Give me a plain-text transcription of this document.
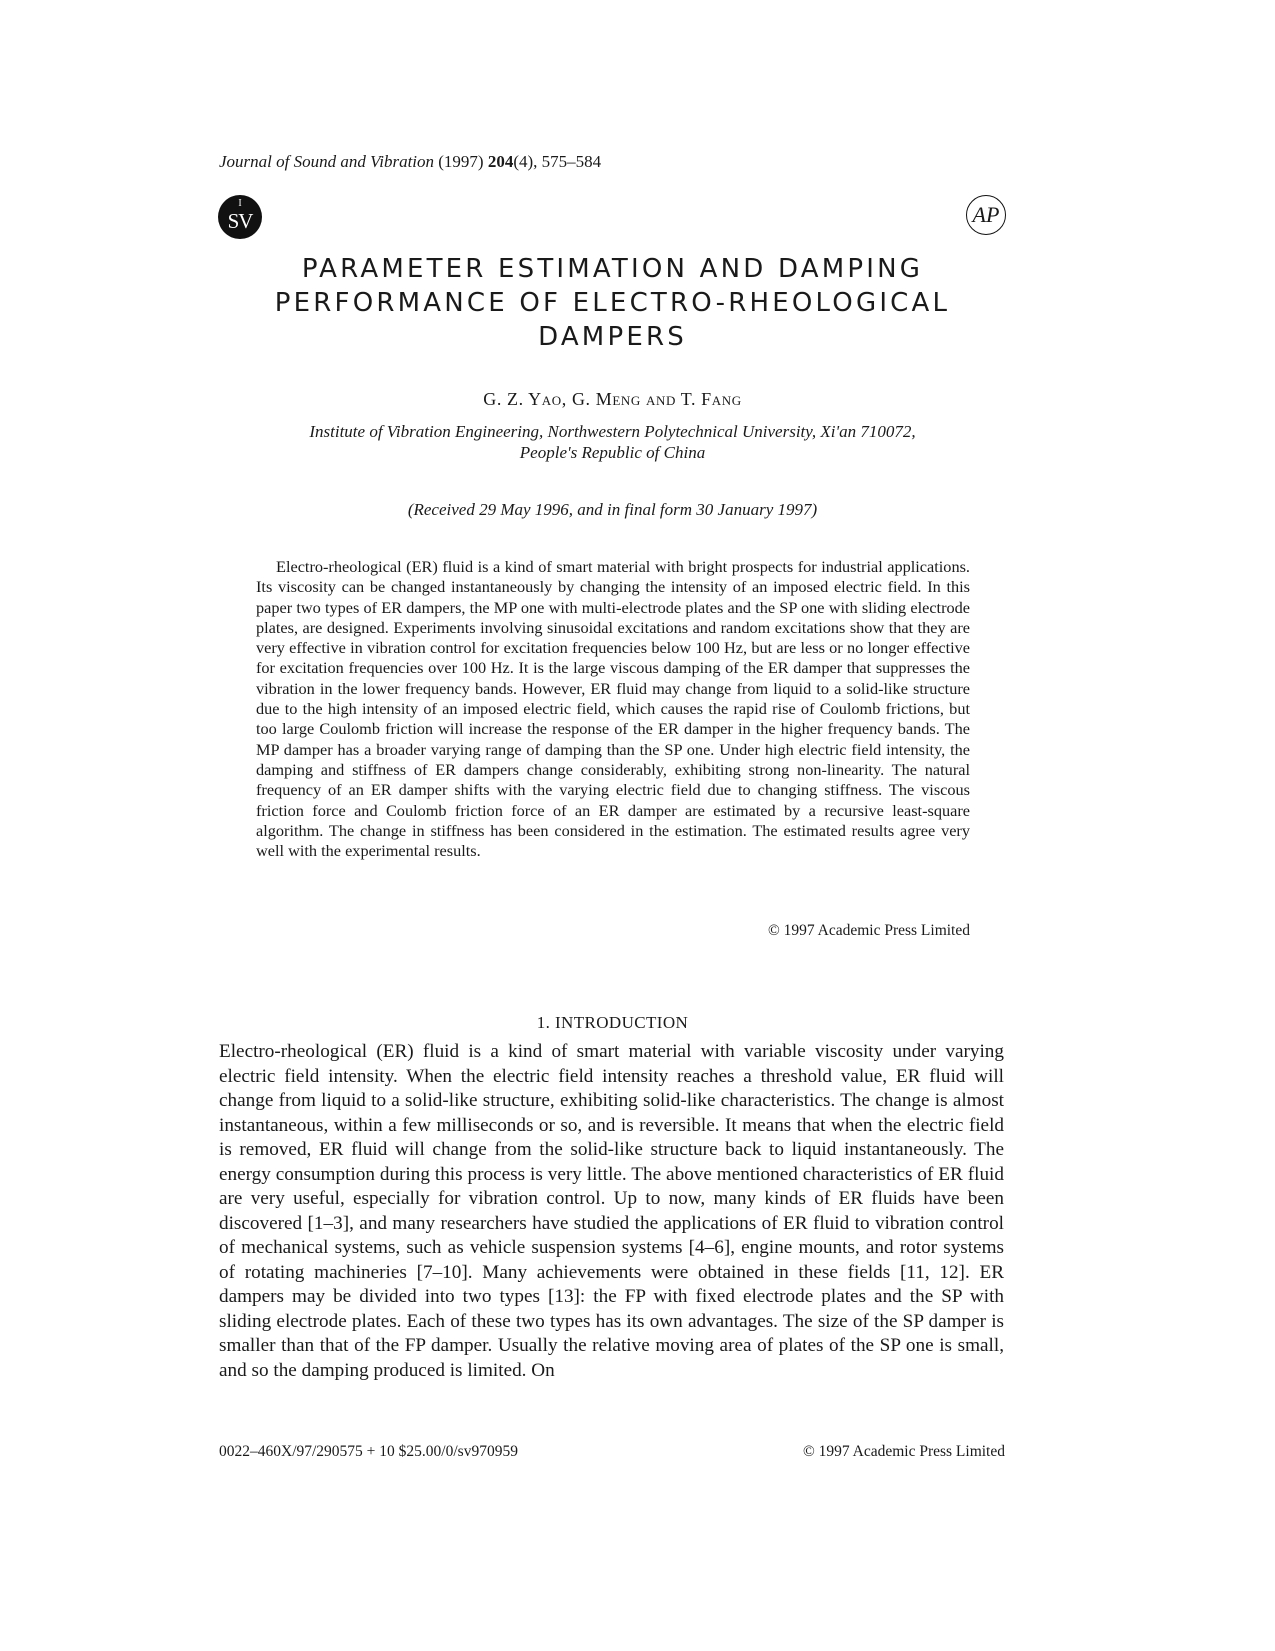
Journal of Sound and Vibration (1997) 204(4), 575–584
I
SV	AP
PARAMETER ESTIMATION AND DAMPING
PERFORMANCE OF ELECTRO-RHEOLOGICAL
DAMPERS
G. Z. Yao, G. Meng and T. Fang
Institute of Vibration Engineering, Northwestern Polytechnical University, Xi'an 710072,
People's Republic of China
(Received 29 May 1996, and in final form 30 January 1997)

Electro-rheological (ER) fluid is a kind of smart material with bright prospects for industrial applications. Its viscosity can be changed instantaneously by changing the intensity of an imposed electric field. In this paper two types of ER dampers, the MP one with multi-electrode plates and the SP one with sliding electrode plates, are designed. Experiments involving sinusoidal excitations and random excitations show that they are very effective in vibration control for excitation frequencies below 100 Hz, but are less or no longer effective for excitation frequencies over 100 Hz. It is the large viscous damping of the ER damper that suppresses the vibration in the lower frequency bands. However, ER fluid may change from liquid to a solid-like structure due to the high intensity of an imposed electric field, which causes the rapid rise of Coulomb frictions, but too large Coulomb friction will increase the response of the ER damper in the higher frequency bands. The MP damper has a broader varying range of damping than the SP one. Under high electric field intensity, the damping and stiffness of ER dampers change considerably, exhibiting strong non-linearity. The natural frequency of an ER damper shifts with the varying electric field due to changing stiffness. The viscous friction force and Coulomb friction force of an ER damper are estimated by a recursive least-square algorithm. The change in stiffness has been considered in the estimation. The estimated results agree very well with the experimental results.

© 1997 Academic Press Limited
1. INTRODUCTION

Electro-rheological (ER) fluid is a kind of smart material with variable viscosity under varying electric field intensity. When the electric field intensity reaches a threshold value, ER fluid will change from liquid to a solid-like structure, exhibiting solid-like characteristics. The change is almost instantaneous, within a few milliseconds or so, and is reversible. It means that when the electric field is removed, ER fluid will change from the solid-like structure back to liquid instantaneously. The energy consumption during this process is very little. The above mentioned characteristics of ER fluid are very useful, especially for vibration control. Up to now, many kinds of ER fluids have been discovered [1–3], and many researchers have studied the applications of ER fluid to vibration control of mechanical systems, such as vehicle suspension systems [4–6], engine mounts, and rotor systems of rotating machineries [7–10]. Many achievements were obtained in these fields [11, 12]. ER dampers may be divided into two types [13]: the FP with fixed electrode plates and the SP with sliding electrode plates. Each of these two types has its own advantages. The size of the SP damper is smaller than that of the FP damper. Usually the relative moving area of plates of the SP one is small, and so the damping produced is limited. On

0022–460X/97/290575 + 10 $25.00/0/sv970959	© 1997 Academic Press Limited
